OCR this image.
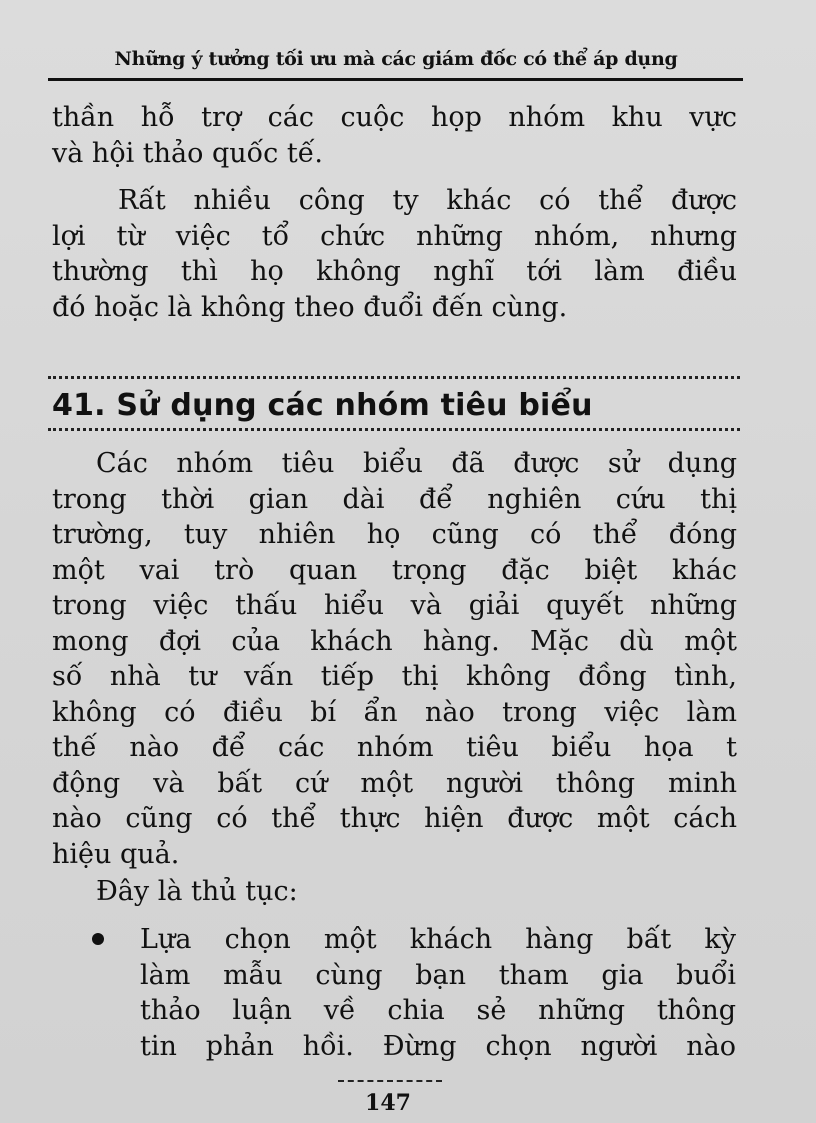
Những ý tưởng tối ưu mà các giám đốc có thể áp dụng

thần hỗ trợ các cuộc họp nhóm khu vực
và hội thảo quốc tế.

Rất nhiều công ty khác có thể được
lợi từ việc tổ chức những nhóm, nhưng
thường thì họ không nghĩ tới làm điều
đó hoặc là không theo đuổi đến cùng.

41. Sử dụng các nhóm tiêu biểu

Các nhóm tiêu biểu đã được sử dụng
trong thời gian dài để nghiên cứu thị
trường, tuy nhiên họ cũng có thể đóng
một vai trò quan trọng đặc biệt khác
trong việc thấu hiểu và giải quyết những
mong đợi của khách hàng. Mặc dù một
số nhà tư vấn tiếp thị không đồng tình,
không có điều bí ẩn nào trong việc làm
thế nào để các nhóm tiêu biểu họa t
động và bất cứ một người thông minh
nào cũng có thể thực hiện được một cách
hiệu quả.

Đây là thủ tục:

Lựa chọn một khách hàng bất kỳ
làm mẫu cùng bạn tham gia buổi
thảo luận về chia sẻ những thông
tin phản hồi. Đừng chọn người nào

147
